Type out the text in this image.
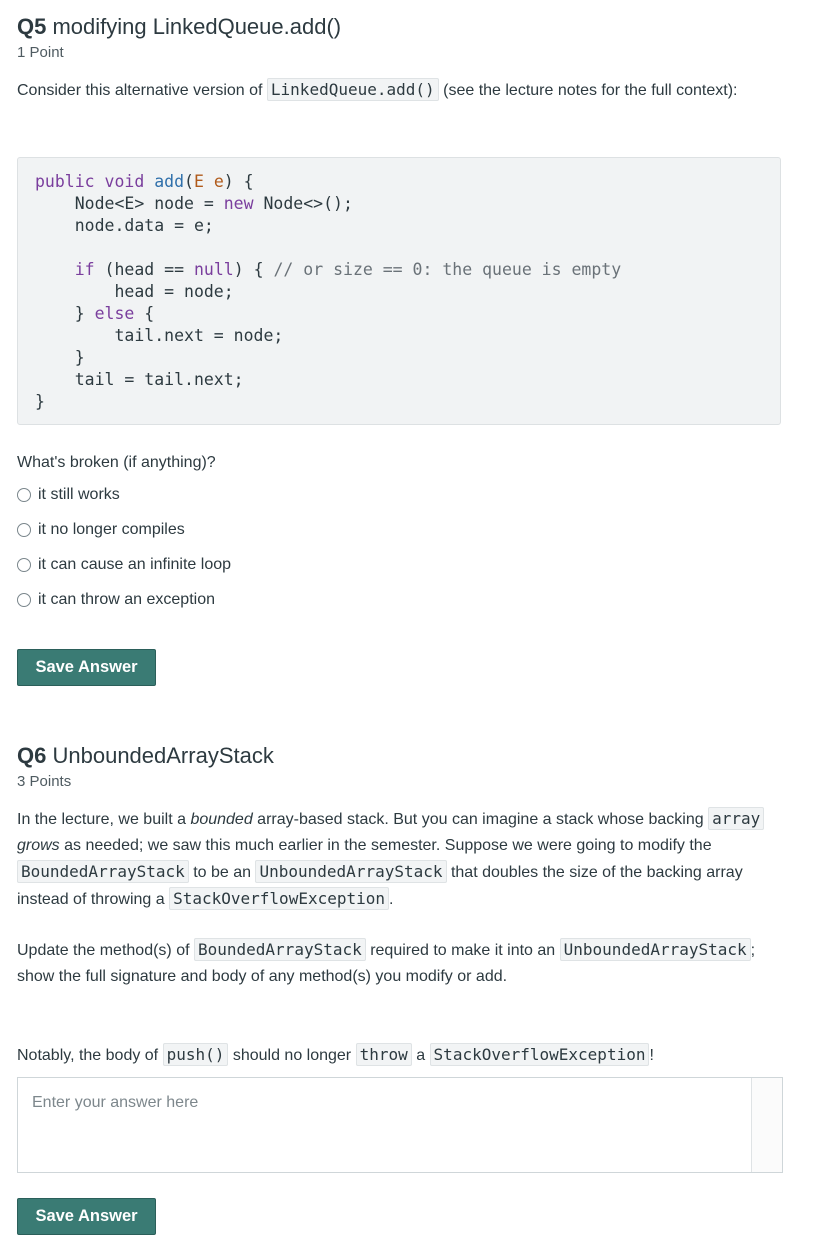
Q5 modifying LinkedQueue.add()
1 Point

Consider this alternative version of LinkedQueue.add() (see the lecture notes for the full context):

public void add(E e) {
Node<E> node = new Node<>();
node.data = e;

if (head == null) { // or size == 0: the queue is empty
head = node;
} else {
tail.next = node;
}
tail = tail.next;
}

What's broken (if anything)?

it still works
it no longer compiles
it can cause an infinite loop
it can throw an exception
Save Answer
Q6 UnboundedArrayStack
3 Points

In the lecture, we built a bounded array-based stack. But you can imagine a stack whose backing array grows as needed; we saw this much earlier in the semester. Suppose we were going to modify the BoundedArrayStack to be an UnboundedArrayStack that doubles the size of the backing array instead of throwing a StackOverflowException .

Update the method(s) of BoundedArrayStack required to make it into an UnboundedArrayStack ; show the full signature and body of any method(s) you modify or add.

Notably, the body of push() should no longer throw a StackOverflowException !

Enter your answer here
Save Answer
